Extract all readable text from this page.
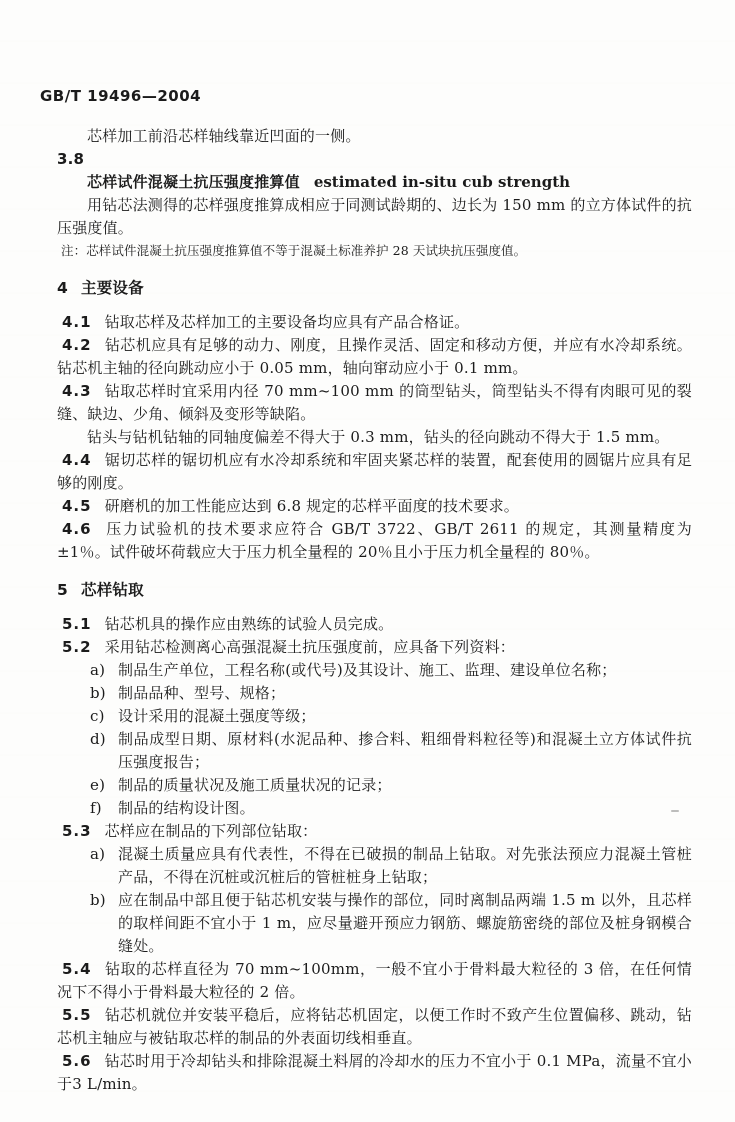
GB/T 19496—2004

芯样加工前沿芯样轴线靠近凹面的一侧。

3.8

芯样试件混凝土抗压强度推算值 estimated in-situ cub strength

用钻芯法测得的芯样强度推算成相应于同测试龄期的、边长为 150 mm 的立方体试件的抗压强度值。

注：芯样试件混凝土抗压强度推算值不等于混凝土标准养护 28 天试块抗压强度值。

4 主要设备
4.1 钻取芯样及芯样加工的主要设备均应具有产品合格证。
4.2 钻芯机应具有足够的动力、刚度，且操作灵活、固定和移动方便，并应有水冷却系统。钻芯机主轴的径向跳动应小于 0.05 mm，轴向窜动应小于 0.1 mm。
4.3 钻取芯样时宜采用内径 70 mm~100 mm 的筒型钻头，筒型钻头不得有肉眼可见的裂缝、缺边、少角、倾斜及变形等缺陷。

钻头与钻机钻轴的同轴度偏差不得大于 0.3 mm，钻头的径向跳动不得大于 1.5 mm。

4.4 锯切芯样的锯切机应有水冷却系统和牢固夹紧芯样的装置，配套使用的圆锯片应具有足够的刚度。
4.5 研磨机的加工性能应达到 6.8 规定的芯样平面度的技术要求。
4.6 压力试验机的技术要求应符合 GB/T 3722、GB/T 2611 的规定，其测量精度为±1％。试件破坏荷载应大于压力机全量程的 20％且小于压力机全量程的 80％。
5 芯样钻取
5.1 钻芯机具的操作应由熟练的试验人员完成。
5.2 采用钻芯检测离心高强混凝土抗压强度前，应具备下列资料：
a) 制品生产单位，工程名称(或代号)及其设计、施工、监理、建设单位名称；
b) 制品品种、型号、规格；
c) 设计采用的混凝土强度等级；
d) 制品成型日期、原材料(水泥品种、掺合料、粗细骨料粒径等)和混凝土立方体试件抗压强度报告；
e) 制品的质量状况及施工质量状况的记录；
f)	制品的结构设计图。
5.3 芯样应在制品的下列部位钻取：
a) 混凝土质量应具有代表性，不得在已破损的制品上钻取。对先张法预应力混凝土管桩产品，不得在沉桩或沉桩后的管桩桩身上钻取；
b) 应在制品中部且便于钻芯机安装与操作的部位，同时离制品两端 1.5 m 以外，且芯样的取样间距不宜小于 1 m，应尽量避开预应力钢筋、螺旋筋密绕的部位及桩身钢模合缝处。
5.4 钻取的芯样直径为 70 mm~100mm，一般不宜小于骨料最大粒径的 3 倍，在任何情况下不得小于骨料最大粒径的 2 倍。
5.5 钻芯机就位并安装平稳后，应将钻芯机固定，以便工作时不致产生位置偏移、跳动，钻芯机主轴应与被钻取芯样的制品的外表面切线相垂直。
5.6 钻芯时用于冷却钻头和排除混凝土料屑的冷却水的压力不宜小于 0.1 MPa，流量不宜小于3 L/min。
